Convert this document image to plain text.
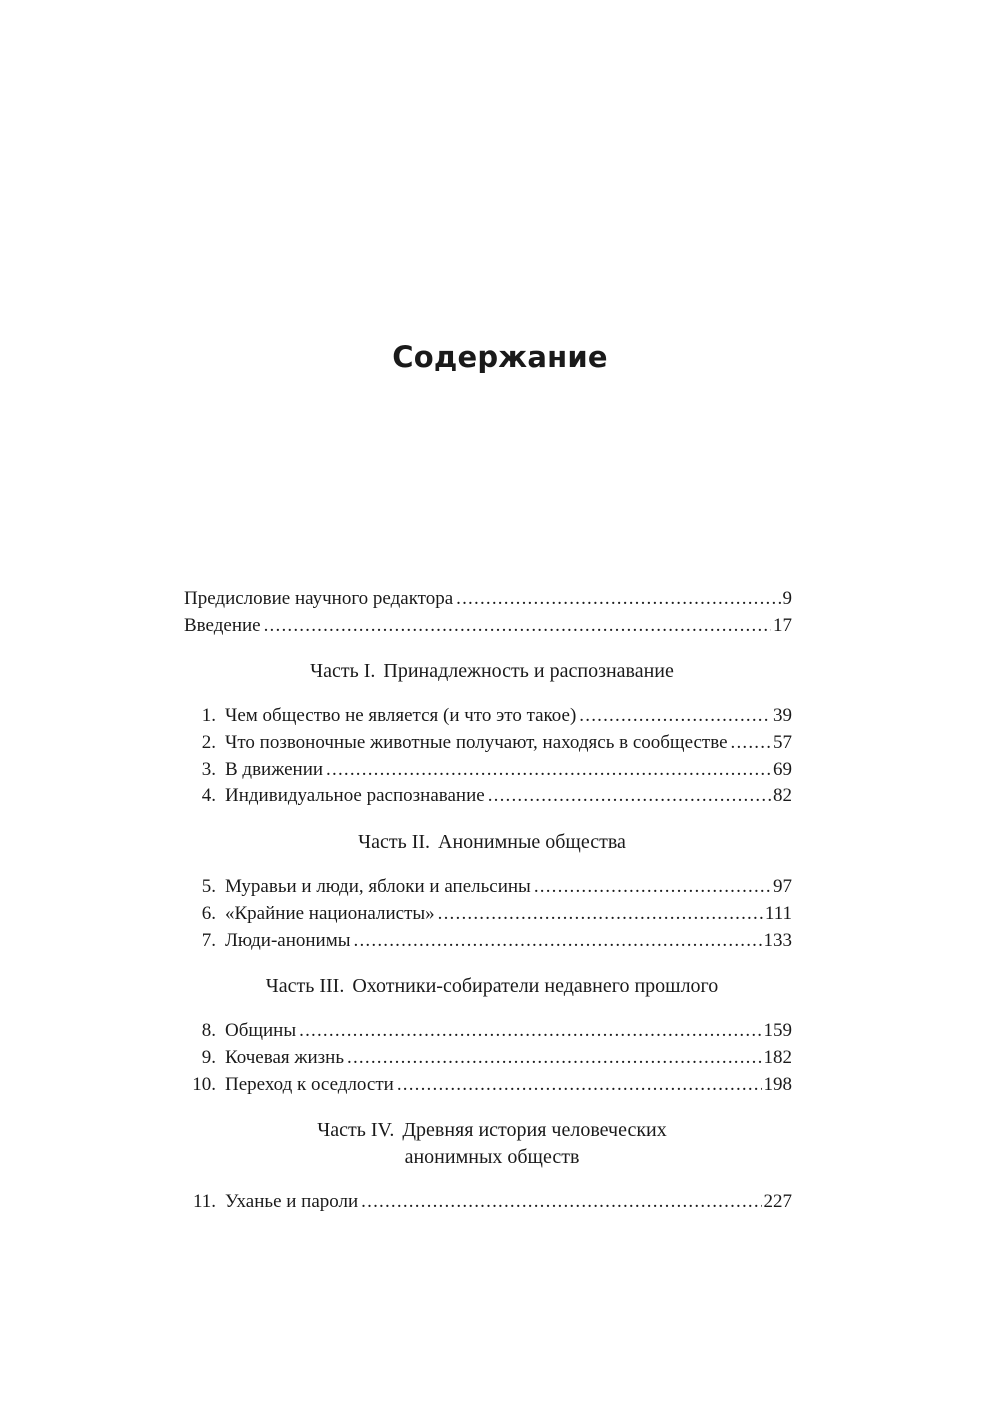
Содержание
Предисловие научного редактора .....	9
Введение .....	17
Часть I. Принадлежность и распознавание
1. Чем общество не является (и что это такое) .....	39
2. Что позвоночные животные получают, находясь в сообществе ..... 57
3. В движении .....	69
4. Индивидуальное распознавание .....	82
Часть II. Анонимные общества
5. Муравьи и люди, яблоки и апельсины .....	97
6. «Крайние националисты» .....	111
7. Люди-анонимы .....	133
Часть III. Охотники-собиратели недавнего прошлого
8. Общины .....	159
9. Кочевая жизнь .....	182
10. Переход к оседлости .....	198
Часть IV. Древняя история человеческих
анонимных обществ
11. Уханье и пароли .....	227
